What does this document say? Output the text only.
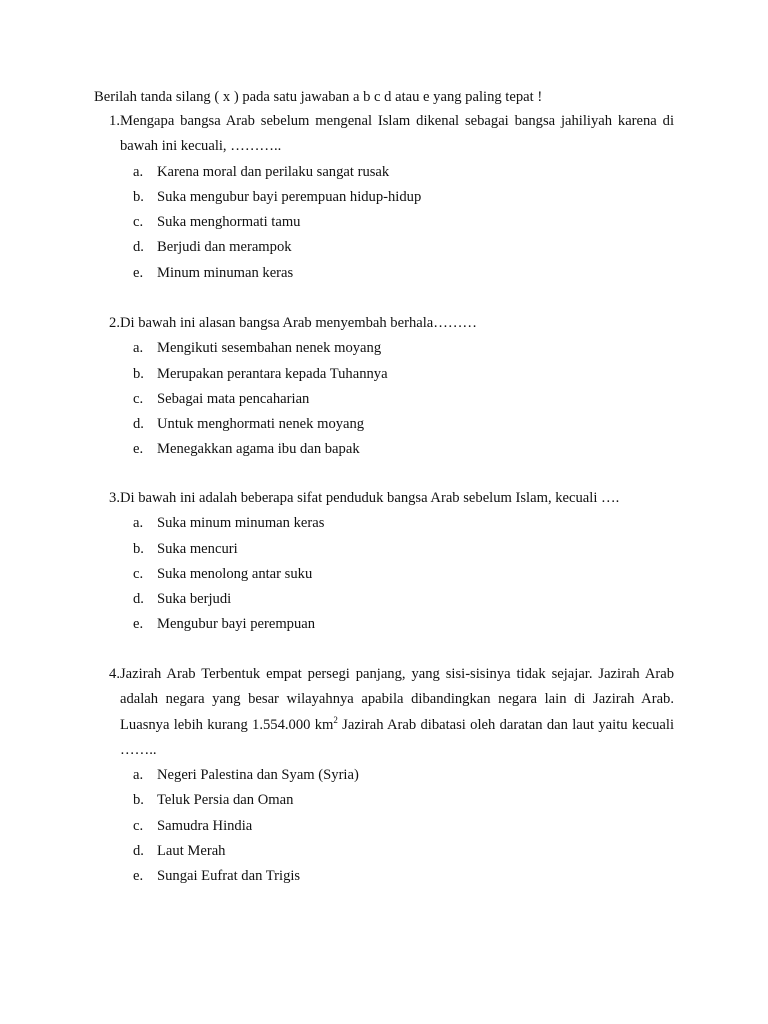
Berilah tanda silang ( x ) pada satu jawaban a b c d atau e yang paling tepat !
1. Mengapa bangsa Arab sebelum mengenal Islam dikenal sebagai bangsa jahiliyah karena di bawah ini kecuali, ………..
a. Karena moral dan perilaku sangat rusak
b. Suka mengubur bayi perempuan hidup-hidup
c. Suka menghormati tamu
d. Berjudi dan merampok
e. Minum minuman keras
2. Di bawah ini alasan bangsa Arab menyembah berhala………
a. Mengikuti sesembahan nenek moyang
b. Merupakan perantara kepada Tuhannya
c. Sebagai mata pencaharian
d. Untuk menghormati nenek moyang
e. Menegakkan agama ibu dan bapak
3. Di bawah ini adalah beberapa sifat penduduk bangsa Arab sebelum Islam, kecuali ….
a. Suka minum minuman keras
b. Suka mencuri
c. Suka menolong antar suku
d. Suka berjudi
e. Mengubur bayi perempuan
4. Jazirah Arab Terbentuk empat persegi panjang, yang sisi-sisinya tidak sejajar. Jazirah Arab adalah negara yang besar wilayahnya apabila dibandingkan negara lain di Jazirah Arab. Luasnya lebih kurang 1.554.000 $km^2$ Jazirah Arab dibatasi oleh daratan dan laut yaitu kecuali ……..
a. Negeri Palestina dan Syam (Syria)
b. Teluk Persia dan Oman
c. Samudra Hindia
d. Laut Merah
e. Sungai Eufrat dan Trigis
